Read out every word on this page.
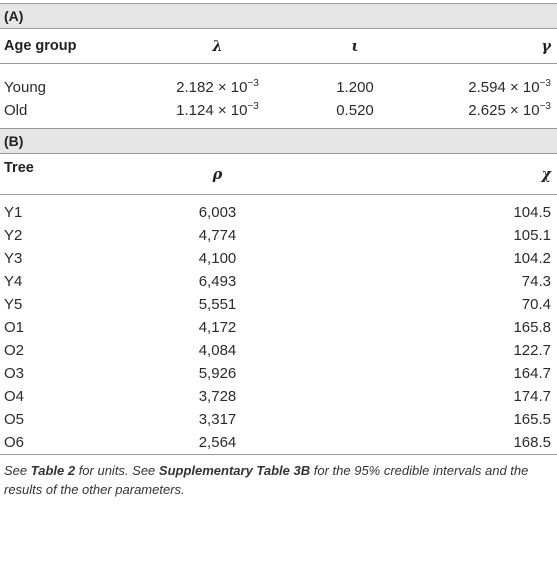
(A)
Age group	λ	ι	γ

Young	$2.182 \times 10^{-3}$	1.200	$2.594 \times 10^{-3}$
Old	$1.124 \times 10^{-3}$	0.520	$2.625 \times 10^{-3}$

(B)
Tree	ρ		χ

Y1	6,003		104.5
Y2	4,774		105.1
Y3	4,100		104.2
Y4	6,493		74.3
Y5	5,551		70.4
O1	4,172		165.8
O2	4,084		122.7
O3	5,926		164.7
O4	3,728		174.7
O5	3,317		165.5
O6	2,564		168.5
See Table 2 for units. See Supplementary Table 3B for the 95% credible intervals and the results of the other parameters.
